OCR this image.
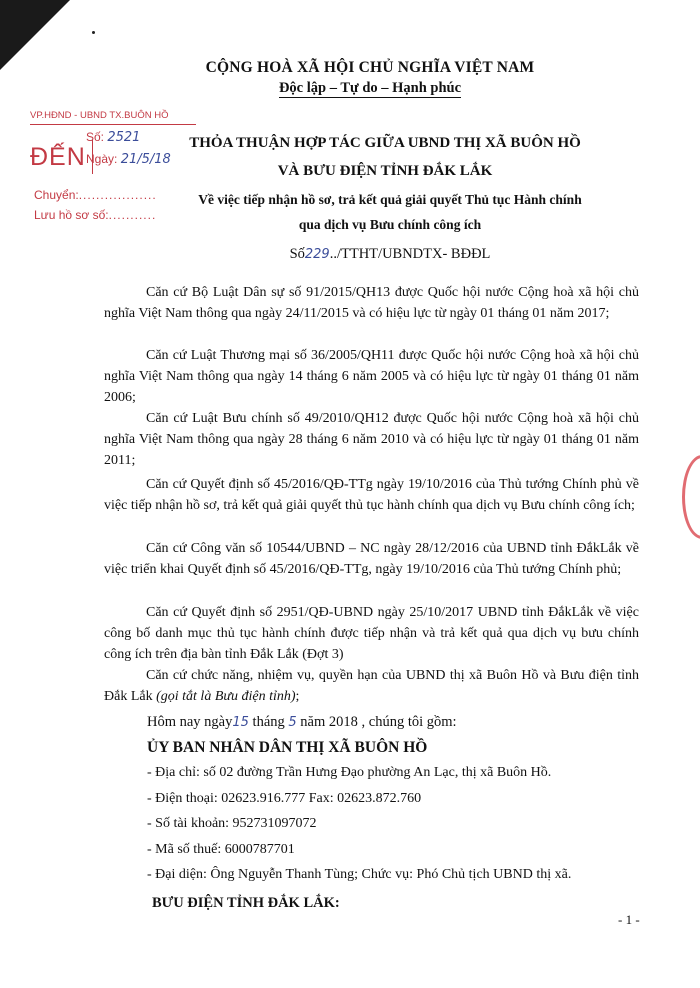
VP.HĐND - UBND TX.BUÔN HỒ
ĐẾN
Số: 2521
Ngày: 21/5/18
Chuyển:..................
Lưu hồ sơ số:...........
CỘNG HOÀ XÃ HỘI CHỦ NGHĨA VIỆT NAM
Độc lập – Tự do – Hạnh phúc
THỎA THUẬN HỢP TÁC GIỮA UBND THỊ XÃ BUÔN HỒ
VÀ BƯU ĐIỆN TỈNH ĐẮK LẮK
Về việc tiếp nhận hồ sơ, trả kết quả giải quyết Thủ tục Hành chính
qua dịch vụ Bưu chính công ích
Số229../TTHT/UBNDTX- BĐĐL
Căn cứ Bộ Luật Dân sự số 91/2015/QH13 được Quốc hội nước Cộng hoà xã hội chủ nghĩa Việt Nam thông qua ngày 24/11/2015 và có hiệu lực từ ngày 01 tháng 01 năm 2017;
Căn cứ Luật Thương mại số 36/2005/QH11 được Quốc hội nước Cộng hoà xã hội chủ nghĩa Việt Nam thông qua ngày 14 tháng 6 năm 2005 và có hiệu lực từ ngày 01 tháng 01 năm 2006;
Căn cứ Luật Bưu chính số 49/2010/QH12 được Quốc hội nước Cộng hoà xã hội chủ nghĩa Việt Nam thông qua ngày 28 tháng 6 năm 2010 và có hiệu lực từ ngày 01 tháng 01 năm 2011;
Căn cứ Quyết định số 45/2016/QĐ-TTg ngày 19/10/2016 của Thủ tướng Chính phủ về việc tiếp nhận hồ sơ, trả kết quả giải quyết thủ tục hành chính qua dịch vụ Bưu chính công ích;
Căn cứ Công văn số 10544/UBND – NC ngày 28/12/2016 của UBND tỉnh ĐắkLắk về việc triển khai Quyết định số 45/2016/QĐ-TTg, ngày 19/10/2016 của Thủ tướng Chính phủ;
Căn cứ Quyết định số 2951/QĐ-UBND ngày 25/10/2017 UBND tỉnh ĐắkLắk về việc công bố danh mục thủ tục hành chính được tiếp nhận và trả kết quả qua dịch vụ bưu chính công ích trên địa bàn tỉnh Đắk Lắk (Đợt 3)
Căn cứ chức năng, nhiệm vụ, quyền hạn của UBND thị xã Buôn Hồ và Bưu điện tỉnh Đắk Lắk (gọi tắt là Bưu điện tỉnh);
Hôm nay ngày15 tháng 5 năm 2018 , chúng tôi gồm:
ỦY BAN NHÂN DÂN THỊ XÃ BUÔN HỒ
- Địa chỉ: số 02 đường Trần Hưng Đạo phường An Lạc, thị xã Buôn Hồ.
- Điện thoại: 02623.916.777 Fax: 02623.872.760
- Số tài khoản: 952731097072
- Mã số thuế: 6000787701
- Đại diện: Ông Nguyễn Thanh Tùng; Chức vụ: Phó Chủ tịch UBND thị xã.
BƯU ĐIỆN TỈNH ĐẮK LẮK:
- 1 -
